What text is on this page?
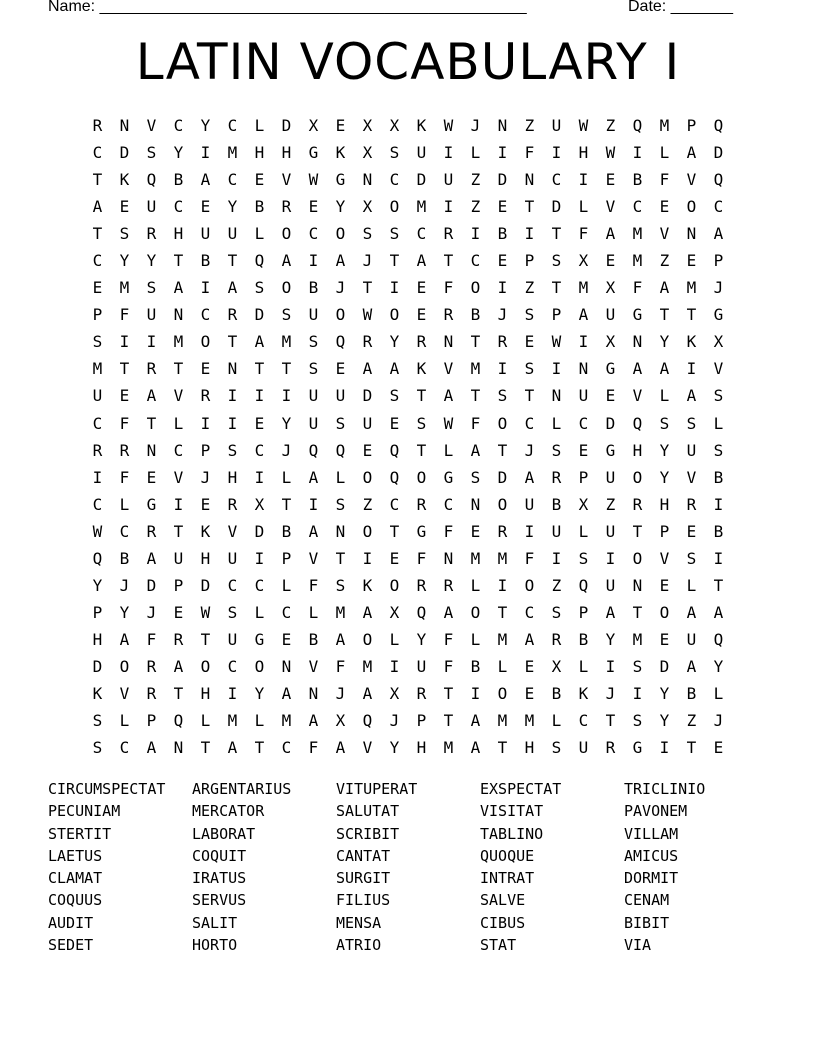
Name: ________________________________________________	Date: _______
LATIN VOCABULARY I
R	N	V	C	Y	C	L	D	X	E	X	X	K	W	J	N	Z	U	W	Z	Q	M	P	Q
C	D	S	Y	I	M	H	H	G	K	X	S	U	I	L	I	F	I	H	W	I	L	A	D
T	K	Q	B	A	C	E	V	W	G	N	C	D	U	Z	D	N	C	I	E	B	F	V	Q
A	E	U	C	E	Y	B	R	E	Y	X	O	M	I	Z	E	T	D	L	V	C	E	O	C
T	S	R	H	U	U	L	O	C	O	S	S	C	R	I	B	I	T	F	A	M	V	N	A
C	Y	Y	T	B	T	Q	A	I	A	J	T	A	T	C	E	P	S	X	E	M	Z	E	P
E	M	S	A	I	A	S	O	B	J	T	I	E	F	O	I	Z	T	M	X	F	A	M	J
P	F	U	N	C	R	D	S	U	O	W	O	E	R	B	J	S	P	A	U	G	T	T	G
S	I	I	M	O	T	A	M	S	Q	R	Y	R	N	T	R	E	W	I	X	N	Y	K	X
M	T	R	T	E	N	T	T	S	E	A	A	K	V	M	I	S	I	N	G	A	A	I	V
U	E	A	V	R	I	I	I	U	U	D	S	T	A	T	S	T	N	U	E	V	L	A	S
C	F	T	L	I	I	E	Y	U	S	U	E	S	W	F	O	C	L	C	D	Q	S	S	L
R	R	N	C	P	S	C	J	Q	Q	E	Q	T	L	A	T	J	S	E	G	H	Y	U	S
I	F	E	V	J	H	I	L	A	L	O	Q	O	G	S	D	A	R	P	U	O	Y	V	B
C	L	G	I	E	R	X	T	I	S	Z	C	R	C	N	O	U	B	X	Z	R	H	R	I
W	C	R	T	K	V	D	B	A	N	O	T	G	F	E	R	I	U	L	U	T	P	E	B
Q	B	A	U	H	U	I	P	V	T	I	E	F	N	M	M	F	I	S	I	O	V	S	I
Y	J	D	P	D	C	C	L	F	S	K	O	R	R	L	I	O	Z	Q	U	N	E	L	T
P	Y	J	E	W	S	L	C	L	M	A	X	Q	A	O	T	C	S	P	A	T	O	A	A
H	A	F	R	T	U	G	E	B	A	O	L	Y	F	L	M	A	R	B	Y	M	E	U	Q
D	O	R	A	O	C	O	N	V	F	M	I	U	F	B	L	E	X	L	I	S	D	A	Y
K	V	R	T	H	I	Y	A	N	J	A	X	R	T	I	O	E	B	K	J	I	Y	B	L
S	L	P	Q	L	M	L	M	A	X	Q	J	P	T	A	M	M	L	C	T	S	Y	Z	J
S	C	A	N	T	A	T	C	F	A	V	Y	H	M	A	T	H	S	U	R	G	I	T	E
CIRCUMSPECTAT
PECUNIAM
STERTIT
LAETUS
CLAMAT
COQUUS
AUDIT
SEDET
ARGENTARIUS
MERCATOR
LABORAT
COQUIT
IRATUS
SERVUS
SALIT
HORTO
VITUPERAT
SALUTAT
SCRIBIT
CANTAT
SURGIT
FILIUS
MENSA
ATRIO
EXSPECTAT
VISITAT
TABLINO
QUOQUE
INTRAT
SALVE
CIBUS
STAT
TRICLINIO
PAVONEM
VILLAM
AMICUS
DORMIT
CENAM
BIBIT
VIA
